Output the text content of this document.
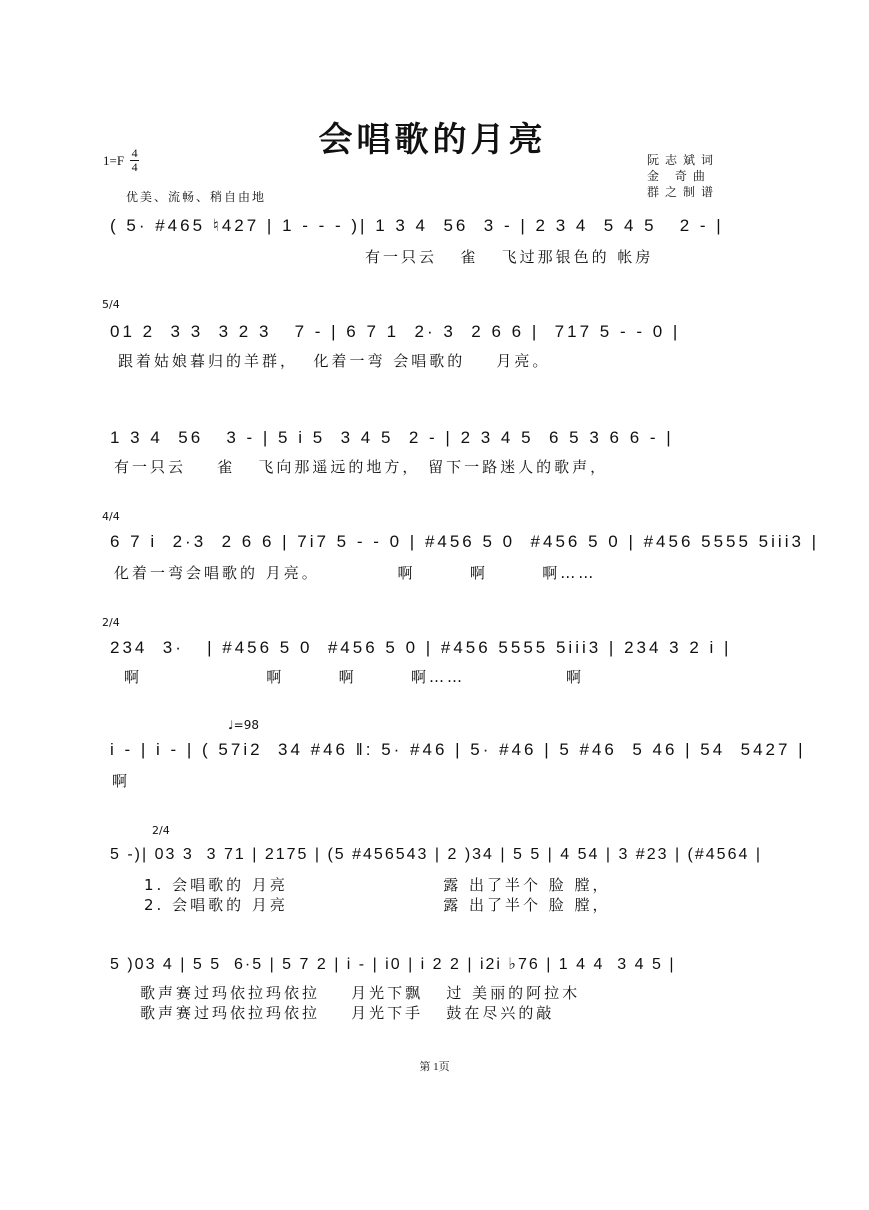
会唱歌的月亮
$1=F \frac{4}{4}$	阮志斌词
金 奇曲
群之制谱
优美、流畅、稍自由地
( 5· #465 ♮427 | 1 - - - )| 1 3 4  56  3 - | 2 3 4  5 4 5   2 - |
有一只云   雀   飞过那银色的 帐房
5/4
01 2  3 3  3 2 3   7 - | 6 7 1  2· 3  2 6 6 |  717 5 - - 0 |
跟着姑娘暮归的羊群，  化着一弯 会唱歌的    月亮。
1 3 4  56   3 - | 5 i 5  3 4 5  2 - | 2 3 4 5  6 5 3 6 6 - |
有一只云    雀   飞向那遥远的地方， 留下一路迷人的歌声，
4/4
6 7 i  2·3  2 6 6 | 7i7 5 - - 0 | #456 5 0  #456 5 0 | #456 5555 5iii3 |
化着一弯会唱歌的 月亮。          啊       啊       啊……
2/4
234  3·   | #456 5 0  #456 5 0 | #456 5555 5iii3 | 234 3 2 i |
啊                啊       啊       啊……             啊
♩=98
i - | i - | ( 57i2  34 #46 ‖: 5· #46 | 5· #46 | 5 #46  5 46 | 54  5427 |
啊
2/4
5 -)| 03 3  3 71 | 2175 | (5 #456543 | 2 )34 | 5 5 | 4 54 | 3 #23 | (#4564 |
1. 会唱歌的 月亮                    露 出了半个 脸 膛，
2. 会唱歌的 月亮                    露 出了半个 脸 膛，
5 )03 4 | 5 5  6·5 | 5 7 2 | i - | i0 | i 2 2 | i2i ♭76 | 1 4 4  3 4 5 |
歌声赛过玛依拉玛依拉    月光下飘   过 美丽的阿拉木
歌声赛过玛依拉玛依拉    月光下手   鼓在尽兴的敲
第 1页
